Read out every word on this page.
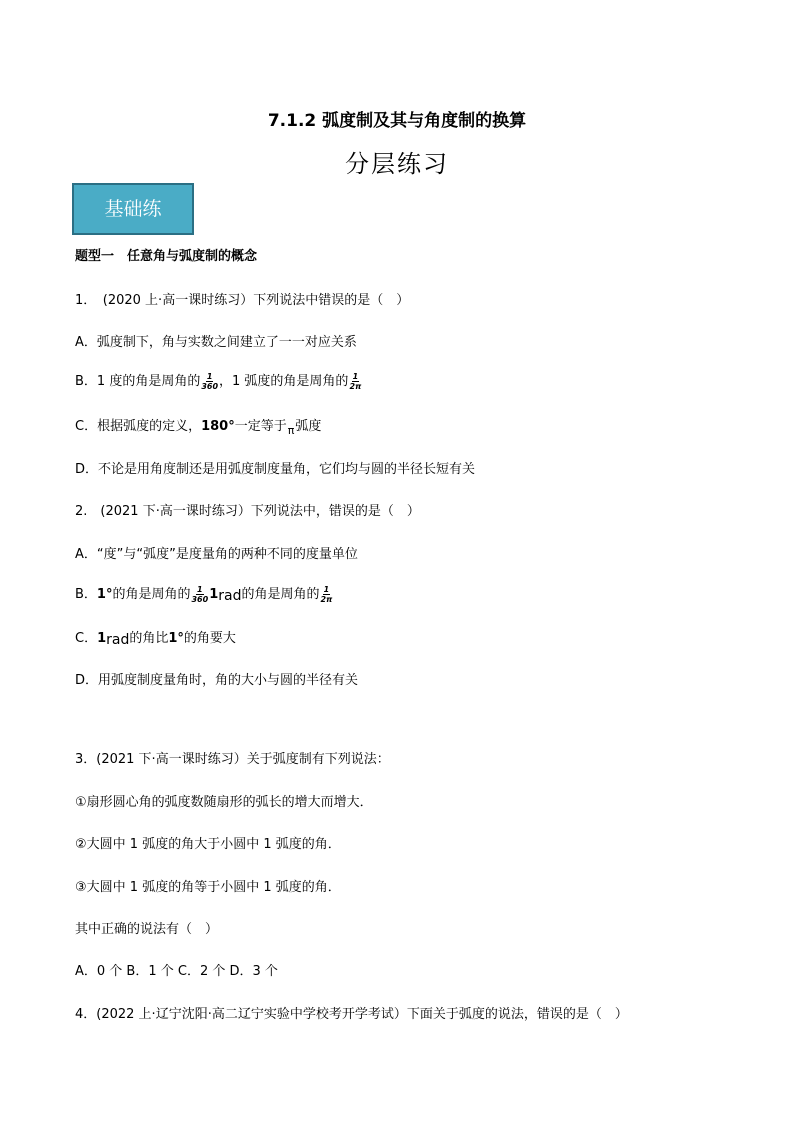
7.1.2 弧度制及其与角度制的换算
分层练习
基础练
题型一　任意角与弧度制的概念
1．　(2020 上·高一课时练习）下列说法中错误的是（　）
A．弧度制下，角与实数之间建立了一一对应关系
B．1 度的角是周角的 $\frac{1}{360}$ ，1 弧度的角是周角的 $\frac{1}{2\pi}$
C．根据弧度的定义，180°一定等于π弧度
D．不论是用角度制还是用弧度制度量角，它们均与圆的半径长短有关
2.　(2021 下·高一课时练习）下列说法中，错误的是（　）
A．“度”与“弧度”是度量角的两种不同的度量单位
B．1°的角是周角的 $\frac{1}{360} 1rad$的角是周角的 $\frac{1}{2\pi}$
C．1rad的角比1°的角要大
D．用弧度制度量角时，角的大小与圆的半径有关
3．(2021 下·高一课时练习）关于弧度制有下列说法：
①扇形圆心角的弧度数随扇形的弧长的增大而增大．
②大圆中 1 弧度的角大于小圆中 1 弧度的角．
③大圆中 1 弧度的角等于小圆中 1 弧度的角．
其中正确的说法有（　）
A．0 个 B．1 个 C．2 个 D．3 个
4．(2022 上·辽宁沈阳·高二辽宁实验中学校考开学考试）下面关于弧度的说法，错误的是（　）
